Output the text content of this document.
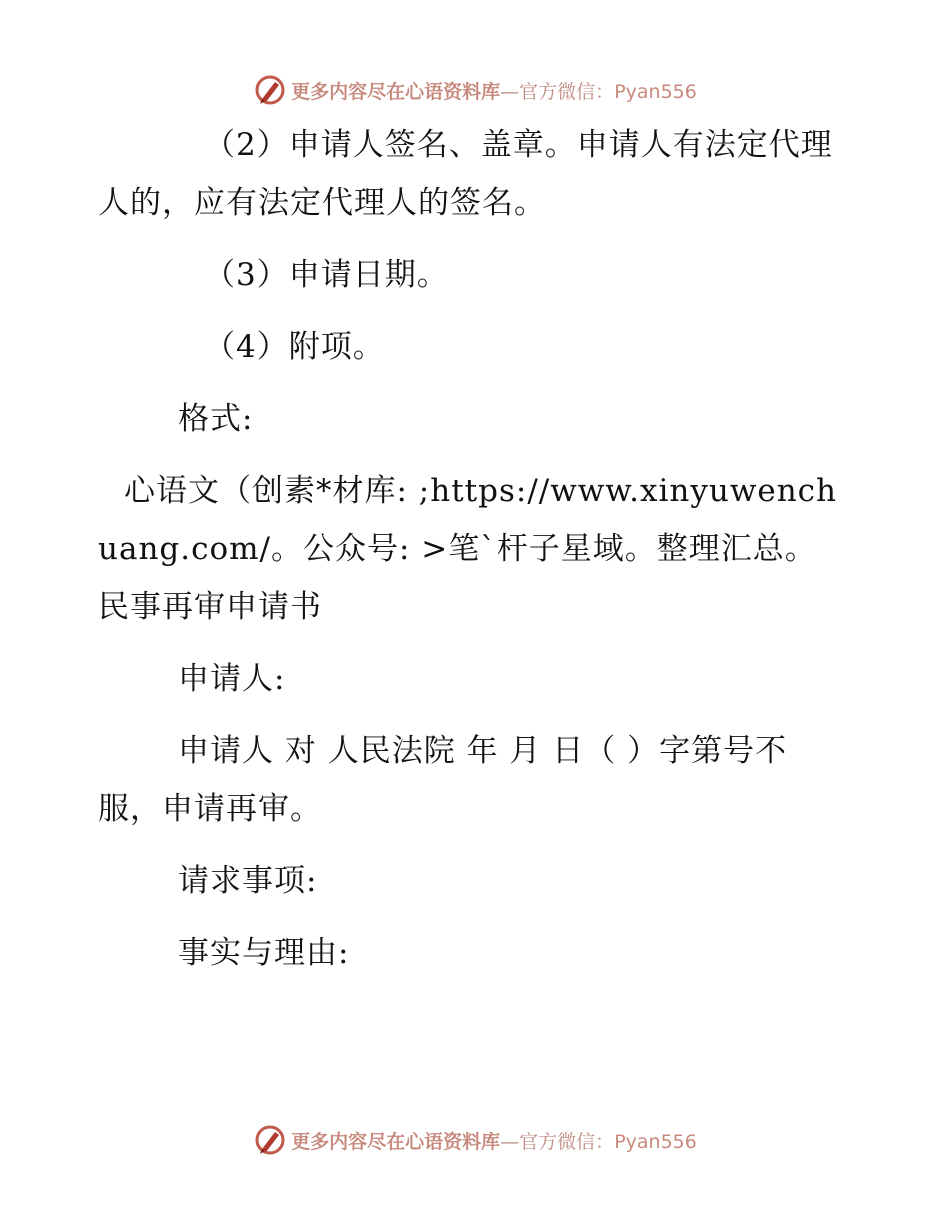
更多内容尽在心语资料库—官方微信：Pyan556

（2）申请人签名、盖章。申请人有法定代理人的，应有法定代理人的签名。

（3）申请日期。

（4）附项。

格式:

心语文（创素*材库: ;https://www.xinyuwenchuang.com/。公众号: >笔`杆子星域。整理汇总。　　民事再审申请书

申请人:

申请人 对 人民法院 年 月 日（ ）字第号不服，申请再审。

请求事项:

事实与理由:

更多内容尽在心语资料库—官方微信：Pyan556
